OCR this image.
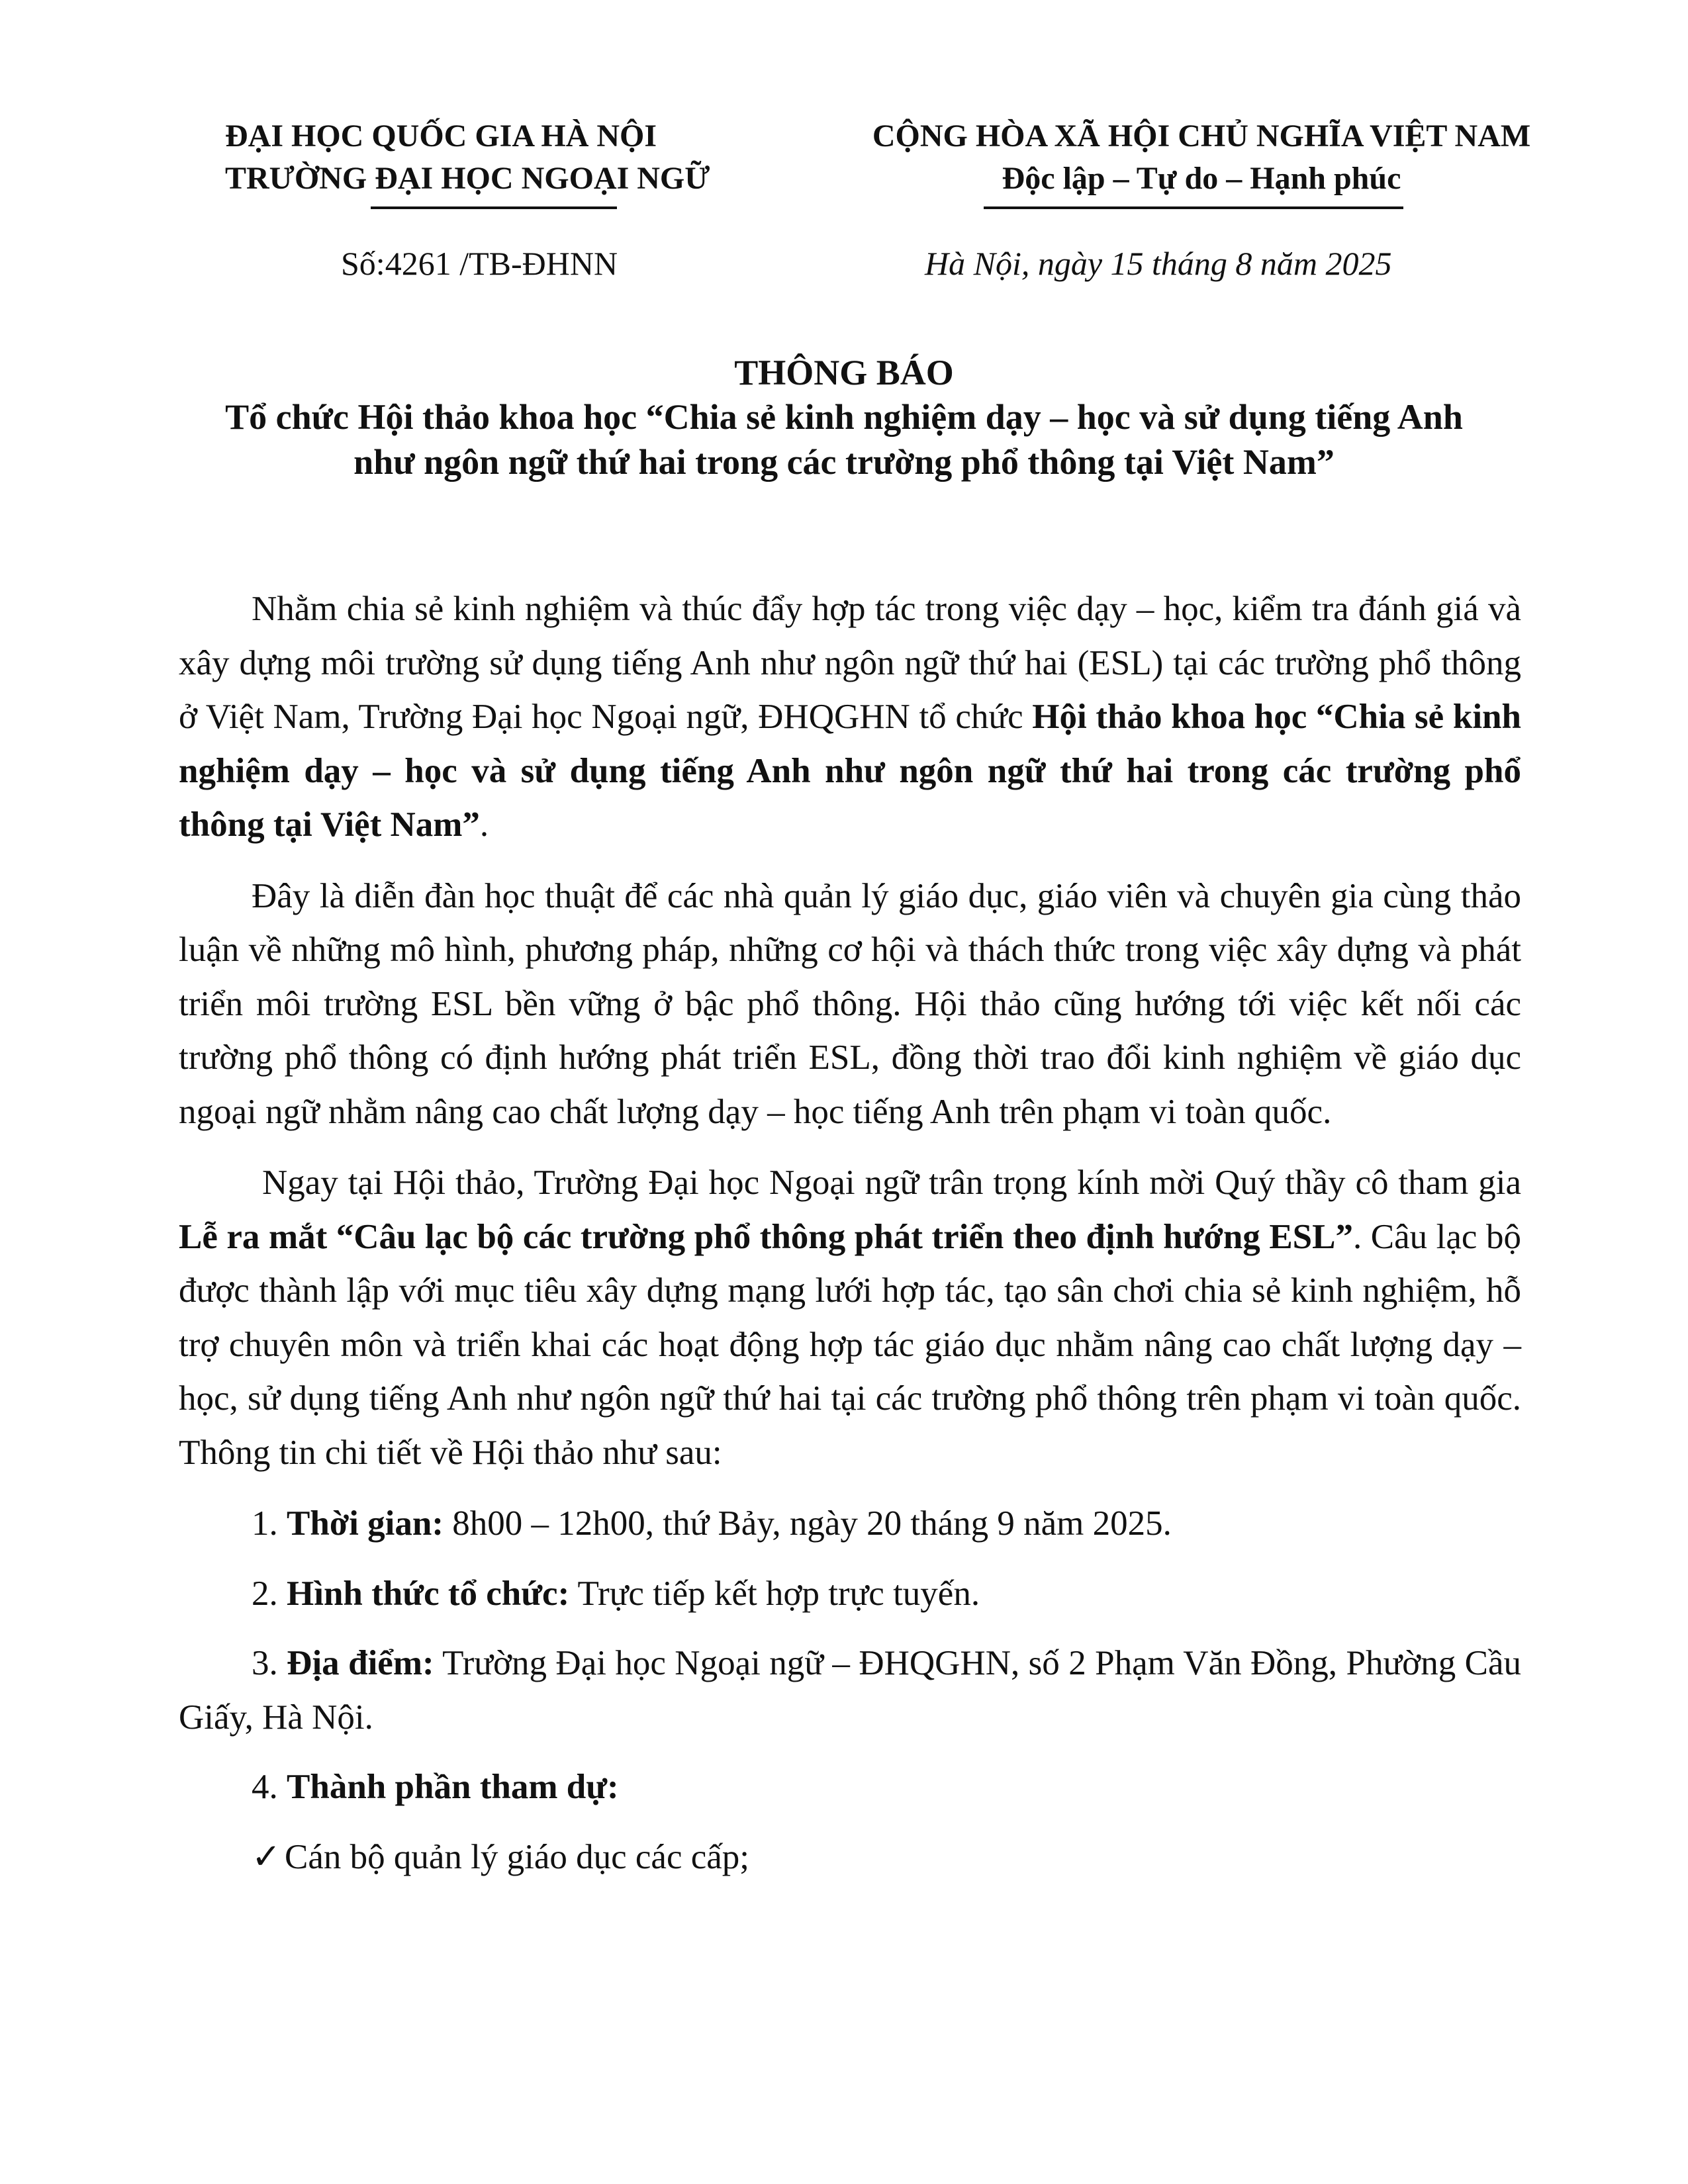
ĐẠI HỌC QUỐC GIA HÀ NỘI
TRƯỜNG ĐẠI HỌC NGOẠI NGỮ
CỘNG HÒA XÃ HỘI CHỦ NGHĨA VIỆT NAM
Độc lập – Tự do – Hạnh phúc
Số:4261 /TB-ĐHNN	Hà Nội, ngày 15 tháng 8 năm 2025
THÔNG BÁO
Tổ chức Hội thảo khoa học “Chia sẻ kinh nghiệm dạy – học và sử dụng tiếng Anh
như ngôn ngữ thứ hai trong các trường phổ thông tại Việt Nam”

Nhằm chia sẻ kinh nghiệm và thúc đẩy hợp tác trong việc dạy – học, kiểm tra đánh giá và xây dựng môi trường sử dụng tiếng Anh như ngôn ngữ thứ hai (ESL) tại các trường phổ thông ở Việt Nam, Trường Đại học Ngoại ngữ, ĐHQGHN tổ chức Hội thảo khoa học “Chia sẻ kinh nghiệm dạy – học và sử dụng tiếng Anh như ngôn ngữ thứ hai trong các trường phổ thông tại Việt Nam”.

Đây là diễn đàn học thuật để các nhà quản lý giáo dục, giáo viên và chuyên gia cùng thảo luận về những mô hình, phương pháp, những cơ hội và thách thức trong việc xây dựng và phát triển môi trường ESL bền vững ở bậc phổ thông. Hội thảo cũng hướng tới việc kết nối các trường phổ thông có định hướng phát triển ESL, đồng thời trao đổi kinh nghiệm về giáo dục ngoại ngữ nhằm nâng cao chất lượng dạy – học tiếng Anh trên phạm vi toàn quốc.

Ngay tại Hội thảo, Trường Đại học Ngoại ngữ trân trọng kính mời Quý thầy cô tham gia Lễ ra mắt “Câu lạc bộ các trường phổ thông phát triển theo định hướng ESL”. Câu lạc bộ được thành lập với mục tiêu xây dựng mạng lưới hợp tác, tạo sân chơi chia sẻ kinh nghiệm, hỗ trợ chuyên môn và triển khai các hoạt động hợp tác giáo dục nhằm nâng cao chất lượng dạy – học, sử dụng tiếng Anh như ngôn ngữ thứ hai tại các trường phổ thông trên phạm vi toàn quốc. Thông tin chi tiết về Hội thảo như sau:

1. Thời gian: 8h00 – 12h00, thứ Bảy, ngày 20 tháng 9 năm 2025.

2. Hình thức tổ chức: Trực tiếp kết hợp trực tuyến.

3. Địa điểm: Trường Đại học Ngoại ngữ – ĐHQGHN, số 2 Phạm Văn Đồng, Phường Cầu Giấy, Hà Nội.

4. Thành phần tham dự:

✓ Cán bộ quản lý giáo dục các cấp;
